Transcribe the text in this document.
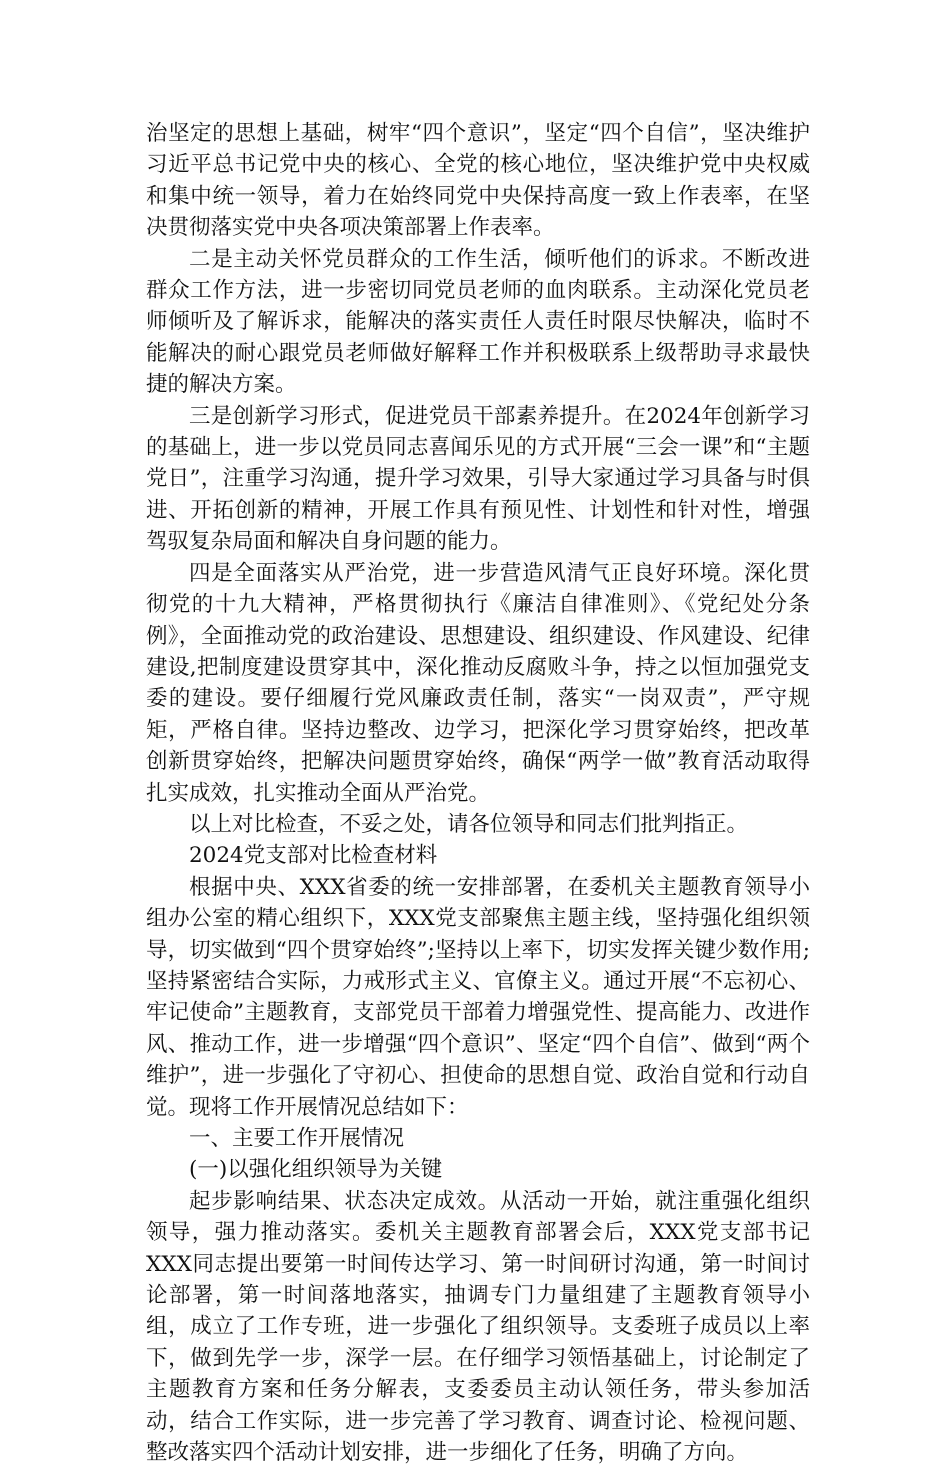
治坚定的思想上基础，树牢“四个意识”，坚定“四个自信”，坚决维护习近平总书记党中央的核心、全党的核心地位，坚决维护党中央权威和集中统一领导，着力在始终同党中央保持高度一致上作表率，在坚决贯彻落实党中央各项决策部署上作表率。

二是主动关怀党员群众的工作生活，倾听他们的诉求。不断改进群众工作方法，进一步密切同党员老师的血肉联系。主动深化党员老师倾听及了解诉求，能解决的落实责任人责任时限尽快解决，临时不能解决的耐心跟党员老师做好解释工作并积极联系上级帮助寻求最快捷的解决方案。

三是创新学习形式，促进党员干部素养提升。在2024年创新学习的基础上，进一步以党员同志喜闻乐见的方式开展“三会一课”和“主题党日”，注重学习沟通，提升学习效果，引导大家通过学习具备与时俱进、开拓创新的精神，开展工作具有预见性、计划性和针对性，增强驾驭复杂局面和解决自身问题的能力。

四是全面落实从严治党，进一步营造风清气正良好环境。深化贯彻党的十九大精神，严格贯彻执行《廉洁自律准则》、《党纪处分条例》，全面推动党的政治建设、思想建设、组织建设、作风建设、纪律建设,把制度建设贯穿其中，深化推动反腐败斗争，持之以恒加强党支委的建设。要仔细履行党风廉政责任制，落实“一岗双责”，严守规矩，严格自律。坚持边整改、边学习，把深化学习贯穿始终，把改革创新贯穿始终，把解决问题贯穿始终，确保“两学一做”教育活动取得扎实成效，扎实推动全面从严治党。

以上对比检查，不妥之处，请各位领导和同志们批判指正。

2024党支部对比检查材料

根据中央、XXX省委的统一安排部署，在委机关主题教育领导小组办公室的精心组织下，XXX党支部聚焦主题主线，坚持强化组织领导，切实做到“四个贯穿始终”;坚持以上率下，切实发挥关键少数作用;坚持紧密结合实际，力戒形式主义、官僚主义。通过开展“不忘初心、牢记使命”主题教育，支部党员干部着力增强党性、提高能力、改进作风、推动工作，进一步增强“四个意识”、坚定“四个自信”、做到“两个维护”，进一步强化了守初心、担使命的思想自觉、政治自觉和行动自觉。现将工作开展情况总结如下：

一、主要工作开展情况

(一)以强化组织领导为关键

起步影响结果、状态决定成效。从活动一开始，就注重强化组织领导，强力推动落实。委机关主题教育部署会后，XXX党支部书记XXX同志提出要第一时间传达学习、第一时间研讨沟通，第一时间讨论部署，第一时间落地落实，抽调专门力量组建了主题教育领导小组，成立了工作专班，进一步强化了组织领导。支委班子成员以上率下，做到先学一步，深学一层。在仔细学习领悟基础上，讨论制定了主题教育方案和任务分解表，支委委员主动认领任务，带头参加活动，结合工作实际，进一步完善了学习教育、调查讨论、检视问题、整改落实四个活动计划安排，进一步细化了任务，明确了方向。
